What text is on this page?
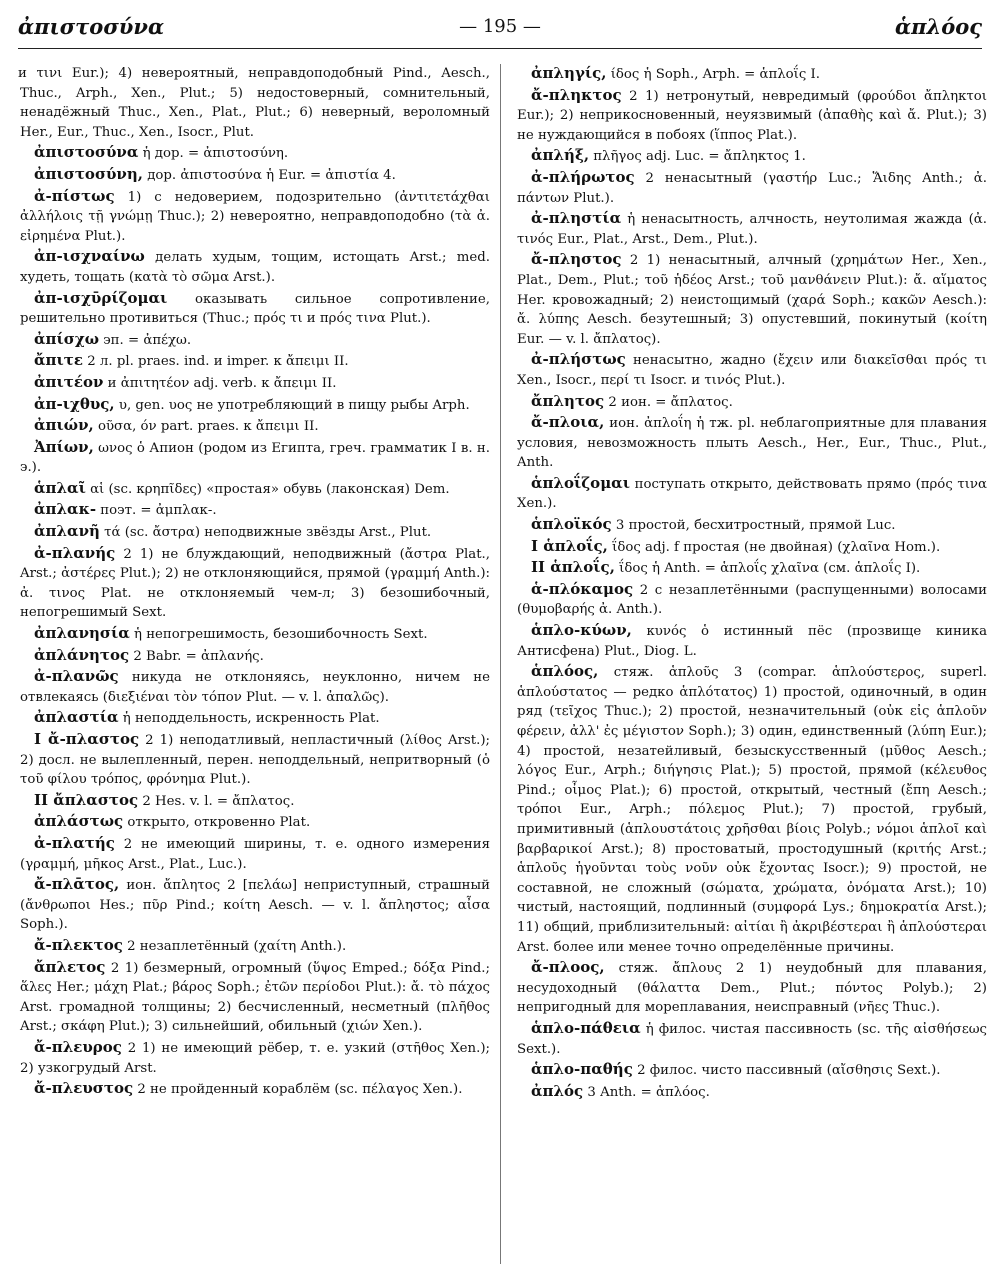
ἀπιστοσύνα	— 195 —	ἁπλόος
и τινι Eur.); 4) невероятный, неправдоподобный Pind., Aesch., Thuc., Arph., Xen., Plut.; 5) недостоверный, сомнительный, ненадёжный Thuc., Xen., Plat., Plut.; 6) неверный, вероломный Her., Eur., Thuc., Xen., Isocr., Plut.
ἀπιστοσύνα ἡ дор. = ἀπιστοσύνη.
ἀπιστοσύνη, дор. ἀπιστοσύνα ἡ Eur. = ἀπιστία 4.
ἀ-πίστως 1) с недоверием, подозрительно (ἀντιτετάχθαι ἀλλήλοις τῇ γνώμῃ Thuc.); 2) невероятно, неправдоподобно (τὰ ἀ. εἰρημένα Plut.).
ἀπ-ισχναίνω делать худым, тощим, истощать Arst.; med. худеть, тощать (κατὰ τὸ σῶμα Arst.).
ἀπ-ισχῡρίζομαι оказывать сильное сопротивление, решительно противиться (Thuc.; πρός τι и πρός τινα Plut.).
ἀπίσχω эп. = ἀπέχω.
ἄπιτε 2 л. pl. praes. ind. и imper. к ἄπειμι II.
ἀπιτέον и ἀπιτητέον adj. verb. к ἄπειμι II.
ἀπ-ιχθυς, υ, gen. υος не употребляющий в пищу рыбы Arph.
ἀπιών, οῦσα, όν part. praes. к ἄπειμι II.
Ἀπίων, ωνος ὁ Апион (родом из Египта, греч. грамматик I в. н. э.).
ἁπλαῖ αἱ (sc. κρηπῖδες) «простая» обувь (лаконская) Dem.
ἀπλακ- поэт. = ἀμπλακ-.
ἀπλανῆ τά (sc. ἄστρα) неподвижные звёзды Arst., Plut.
ἀ-πλανής 2 1) не блуждающий, неподвижный (ἄστρα Plat., Arst.; ἀστέρες Plut.); 2) не отклоняющийся, прямой (γραμμή Anth.): ἀ. τινος Plat. не отклоняемый чем-л; 3) безошибочный, непогрешимый Sext.
ἀπλανησία ἡ непогрешимость, безошибочность Sext.
ἀπλάνητος 2 Babr. = ἀπλανής.
ἀ-πλανῶς никуда не отклоняясь, неуклонно, ничем не отвлекаясь (διεξιέναι τὸν τόπον Plut. — v. l. ἀπαλῶς).
ἀπλαστία ἡ неподдельность, искренность Plat.
I ἄ-πλαστος 2 1) неподатливый, непластичный (λίθος Arst.); 2) досл. не вылепленный, перен. неподдельный, непритворный (ὁ τοῦ φίλου τρόπος, φρόνημα Plut.).
II ἄπλαστος 2 Hes. v. l. = ἄπλατος.
ἀπλάστως открыто, откровенно Plat.
ἀ-πλατής 2 не имеющий ширины, т. е. одного измерения (γραμμή, μῆκος Arst., Plat., Luc.).
ἄ-πλᾱτος, ион. ἄπλητος 2 [πελάω] неприступный, страшный (ἄνθρωποι Hes.; πῦρ Pind.; κοίτη Aesch. — v. l. ἄπληστος; αἶσα Soph.).
ἄ-πλεκτος 2 незаплетённый (χαίτη Anth.).
ἄπλετος 2 1) безмерный, огромный (ὕψος Emped.; δόξα Pind.; ἅλες Her.; μάχη Plat.; βάρος Soph.; ἐτῶν περίοδοι Plut.): ἄ. τὸ πάχος Arst. громадной толщины; 2) бесчисленный, несметный (πλῆθος Arst.; σκάφη Plut.); 3) сильнейший, обильный (χιών Xen.).
ἄ-πλευρος 2 1) не имеющий рёбер, т. е. узкий (στῆθος Xen.); 2) узкогрудый Arst.
ἄ-πλευστος 2 не пройденный кораблём (sc. πέλαγος Xen.).
ἀπληγίς, ίδος ἡ Soph., Arph. = ἁπλοΐς I.
ἄ-πληκτος 2 1) нетронутый, невредимый (φρούδοι ἄπληκτοι Eur.); 2) неприкосновенный, неуязвимый (ἀπαθὴς καὶ ἄ. Plut.); 3) не нуждающийся в побоях (ἵππος Plat.).
ἀπλήξ, πλῆγος adj. Luc. = ἄπληκτος 1.
ἀ-πλήρωτος 2 ненасытный (γαστήρ Luc.; Ἅιδης Anth.; ἀ. πάντων Plut.).
ἀ-πληστία ἡ ненасытность, алчность, неутолимая жажда (ἀ. τινός Eur., Plat., Arst., Dem., Plut.).
ἄ-πληστος 2 1) ненасытный, алчный (χρημάτων Her., Xen., Plat., Dem., Plut.; τοῦ ἡδέος Arst.; τοῦ μανθάνειν Plut.): ἄ. αἵματος Her. кровожадный; 2) неистощимый (χαρά Soph.; κακῶν Aesch.): ἄ. λύπης Aesch. безутешный; 3) опустевший, покинутый (κοίτη Eur. — v. l. ἄπλατος).
ἀ-πλήστως ненасытно, жадно (ἔχειν или διακεῖσθαι πρός τι Xen., Isocr., περί τι Isocr. и τινός Plut.).
ἄπλητος 2 ион. = ἄπλατος.
ἄ-πλοια, ион. ἀπλοΐη ἡ тж. pl. неблагоприятные для плавания условия, невозможность плыть Aesch., Her., Eur., Thuc., Plut., Anth.
ἁπλοΐζομαι поступать открыто, действовать прямо (πρός τινα Xen.).
ἁπλοϊκός 3 простой, бесхитростный, прямой Luc.
I ἁπλοΐς, ΐδος adj. f простая (не двойная) (χλαῖνα Hom.).
II ἁπλοΐς, ΐδος ἡ Anth. = ἁπλοΐς χλαῖνα (см. ἁπλοΐς I).
ἁ-πλόκαμος 2 с незаплетёнными (распущенными) волосами (θυμοβαρής ἀ. Anth.).
ἁπλο-κύων, κυνός ὁ истинный пёс (прозвище киника Антисфена) Plut., Diog. L.
ἁπλόος, стяж. ἁπλοῦς 3 (compar. ἁπλούστερος, superl. ἁπλούστατος — редко ἁπλότατος) 1) простой, одиночный, в один ряд (τεῖχος Thuc.); 2) простой, незначительный (οὐκ εἰς ἁπλοῦν φέρειν, ἀλλ' ἐς μέγιστον Soph.); 3) один, единственный (λύπη Eur.); 4) простой, незатейливый, безыскусственный (μῦθος Aesch.; λόγος Eur., Arph.; διήγησις Plat.); 5) простой, прямой (κέλευθος Pind.; οἶμος Plat.); 6) простой, открытый, честный (ἔπη Aesch.; τρόποι Eur., Arph.; πόλεμος Plut.); 7) простой, грубый, примитивный (ἁπλουστάτοις χρῆσθαι βίοις Polyb.; νόμοι ἁπλοῖ καὶ βαρβαρικοί Arst.); 8) простоватый, простодушный (κριτής Arst.; ἁπλοῦς ἡγοῦνται τοὺς νοῦν οὐκ ἔχοντας Isocr.); 9) простой, не составной, не сложный (σώματα, χρώματα, ὀνόματα Arst.); 10) чистый, настоящий, подлинный (συμφορά Lys.; δημοκρατία Arst.); 11) общий, приблизительный: αἰτίαι ἢ ἀκριβέστεραι ἢ ἁπλούστεραι Arst. более или менее точно определённые причины.
ἄ-πλοος, стяж. ἄπλους 2 1) неудобный для плавания, несудоходный (θάλαττα Dem., Plut.; πόντος Polyb.); 2) непригодный для мореплавания, неисправный (νῆες Thuc.).
ἁπλο-πάθεια ἡ филос. чистая пассивность (sc. τῆς αἰσθήσεως Sext.).
ἁπλο-παθής 2 филос. чисто пассивный (αἴσθησις Sext.).
ἀπλός 3 Anth. = ἁπλόος.
